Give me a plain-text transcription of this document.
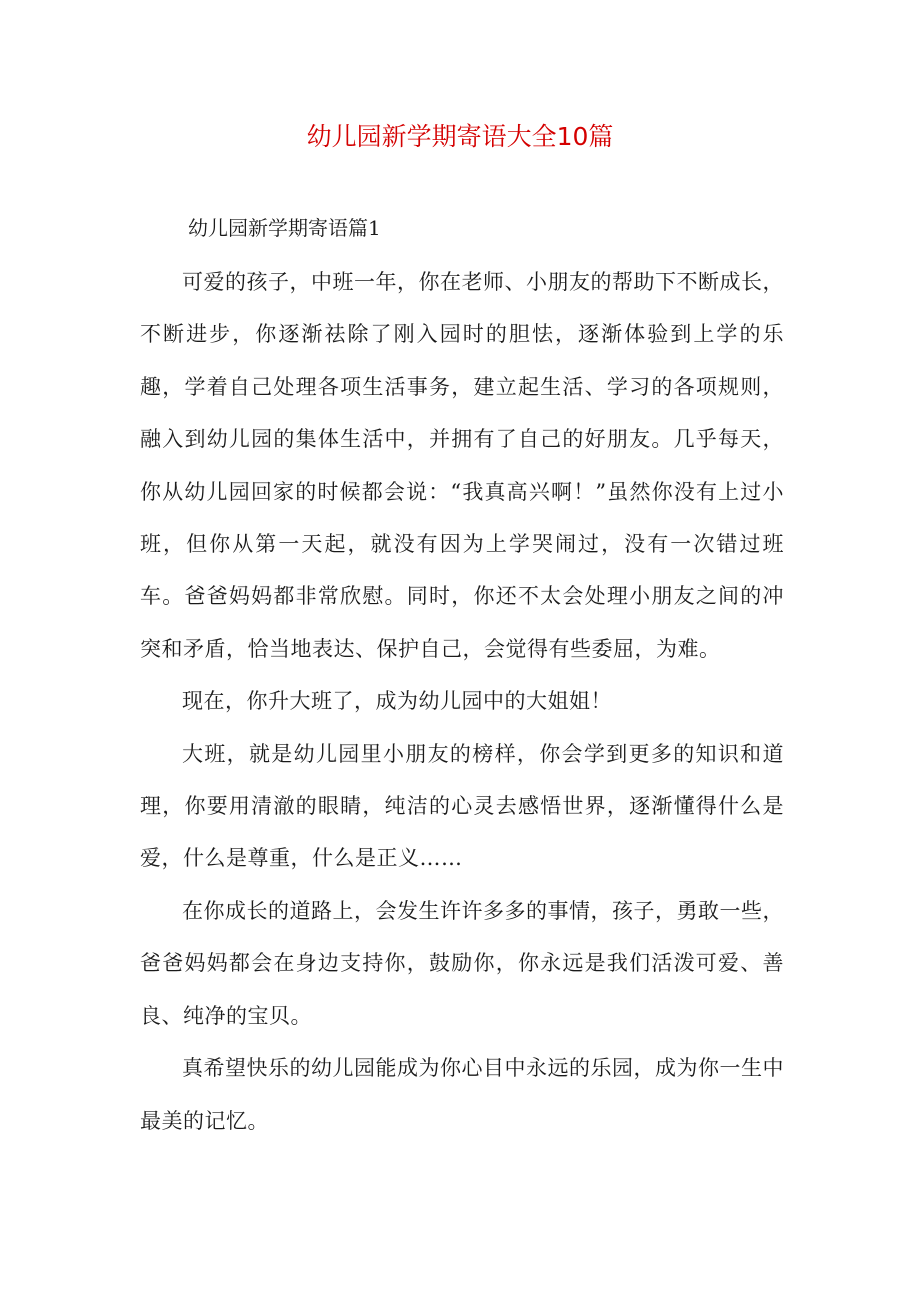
幼儿园新学期寄语大全10篇
幼儿园新学期寄语篇1

可爱的孩子，中班一年，你在老师、小朋友的帮助下不断成长，不断进步，你逐渐祛除了刚入园时的胆怯，逐渐体验到上学的乐趣，学着自己处理各项生活事务，建立起生活、学习的各项规则，融入到幼儿园的集体生活中，并拥有了自己的好朋友。几乎每天，你从幼儿园回家的时候都会说：“我真高兴啊！”虽然你没有上过小班，但你从第一天起，就没有因为上学哭闹过，没有一次错过班车。爸爸妈妈都非常欣慰。同时，你还不太会处理小朋友之间的冲突和矛盾，恰当地表达、保护自己，会觉得有些委屈，为难。

现在，你升大班了，成为幼儿园中的大姐姐！

大班，就是幼儿园里小朋友的榜样，你会学到更多的知识和道理，你要用清澈的眼睛，纯洁的心灵去感悟世界，逐渐懂得什么是爱，什么是尊重，什么是正义……

在你成长的道路上，会发生许许多多的事情，孩子，勇敢一些，爸爸妈妈都会在身边支持你，鼓励你，你永远是我们活泼可爱、善良、纯净的宝贝。

真希望快乐的幼儿园能成为你心目中永远的乐园，成为你一生中最美的记忆。
